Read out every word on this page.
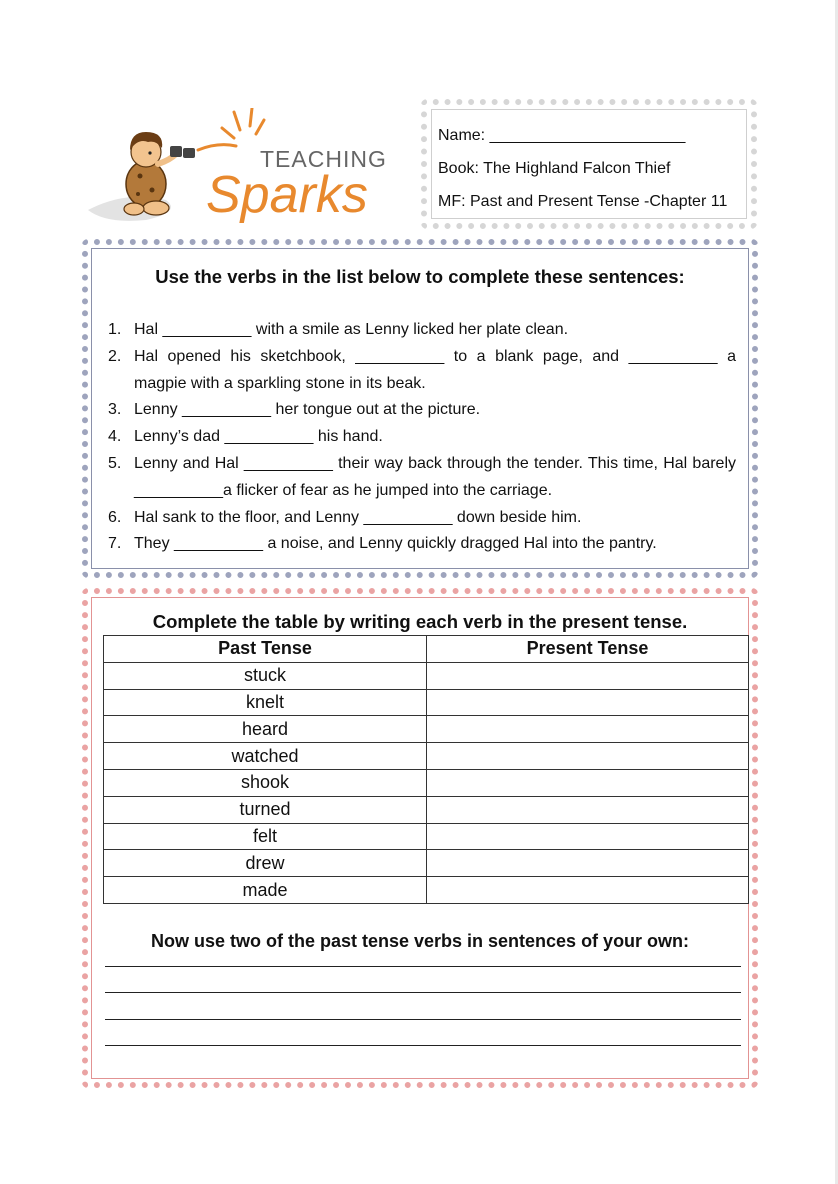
TEACHING
Sparks
Name: ______________________
Book: The Highland Falcon Thief
MF: Past and Present Tense -Chapter 11
Use the verbs in the list below to complete these sentences:
1. Hal __________ with a smile as Lenny licked her plate clean.
2. Hal opened his sketchbook, __________ to a blank page, and __________ a magpie with a sparkling stone in its beak.
3. Lenny __________ her tongue out at the picture.
4. Lenny’s dad __________ his hand.
5. Lenny and Hal __________ their way back through the tender. This time, Hal barely __________a flicker of fear as he jumped into the carriage.
6. Hal sank to the floor, and Lenny __________ down beside him.
7. They __________ a noise, and Lenny quickly dragged Hal into the pantry.
Complete the table by writing each verb in the present tense.
Past Tense	Present Tense
stuck	
knelt	
heard	
watched	
shook	
turned	
felt	
drew	
made	
Now use two of the past tense verbs in sentences of your own:
